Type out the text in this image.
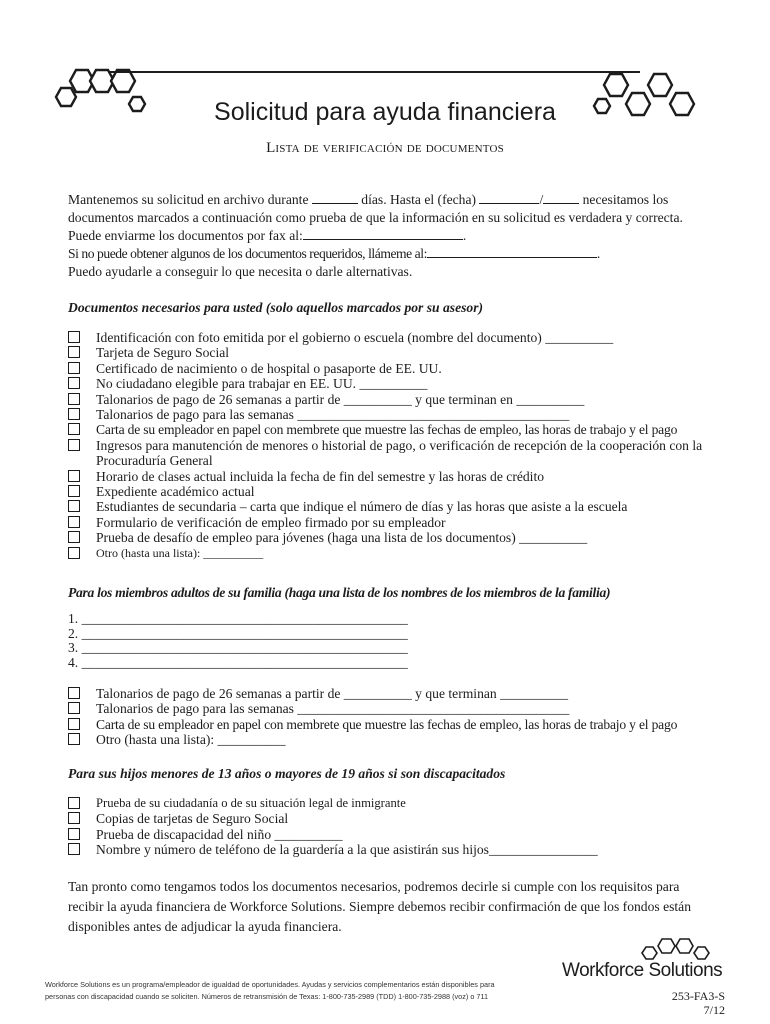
Solicitud para ayuda financiera
Lista de verificación de documentos
Mantenemos su solicitud en archivo durante	días. Hasta el (fecha)	/	necesitamos los
documentos marcados a continuación como prueba de que la información en su solicitud es verdadera y correcta.
Puede enviarme los documentos por fax al:	.
Si no puede obtener algunos de los documentos requeridos, llámeme al:	.
Puedo ayudarle a conseguir lo que necesita o darle alternativas.
Documentos necesarios para usted (solo aquellos marcados por su asesor)
Identificación con foto emitida por el gobierno o escuela (nombre del documento) __________
Tarjeta de Seguro Social
Certificado de nacimiento o de hospital o pasaporte de EE. UU.
No ciudadano elegible para trabajar en EE. UU. __________
Talonarios de pago de 26 semanas a partir de __________ y que terminan en __________
Talonarios de pago para las semanas ________________________________________
Carta de su empleador en papel con membrete que muestre las fechas de empleo, las horas de trabajo y el pago
Ingresos para manutención de menores o historial de pago, o verificación de recepción de la cooperación con la Procuraduría General
Horario de clases actual incluida la fecha de fin del semestre y las horas de crédito
Expediente académico actual
Estudiantes de secundaria – carta que indique el número de días y las horas que asiste a la escuela
Formulario de verificación de empleo firmado por su empleador
Prueba de desafío de empleo para jóvenes (haga una lista de los documentos) __________
Otro (hasta una lista): __________
Para los miembros adultos de su familia (haga una lista de los nombres de los miembros de la familia)
1. ________________________________________________
2. ________________________________________________
3. ________________________________________________
4. ________________________________________________
Talonarios de pago de 26 semanas a partir de __________ y que terminan __________
Talonarios de pago para las semanas ________________________________________
Carta de su empleador en papel con membrete que muestre las fechas de empleo, las horas de trabajo y el pago
Otro (hasta una lista): __________
Para sus hijos menores de 13 años o mayores de 19 años si son discapacitados
Prueba de su ciudadanía o de su situación legal de inmigrante
Copias de tarjetas de Seguro Social
Prueba de discapacidad del niño __________
Nombre y número de teléfono de la guardería a la que asistirán sus hijos________________
Tan pronto como tengamos todos los documentos necesarios, podremos decirle si cumple con los requisitos para
recibir la ayuda financiera de Workforce Solutions. Siempre debemos recibir confirmación de que los fondos están
disponibles antes de adjudicar la ayuda financiera.
Workforce Solutions es un programa/empleador de igualdad de oportunidades. Ayudas y servicios complementarios están disponibles para
personas con discapacidad cuando se soliciten. Números de retransmisión de Texas: 1-800-735-2989 (TDD) 1-800-735-2988 (voz) o 711
Workforce Solutions
253-FA3-S
7/12
